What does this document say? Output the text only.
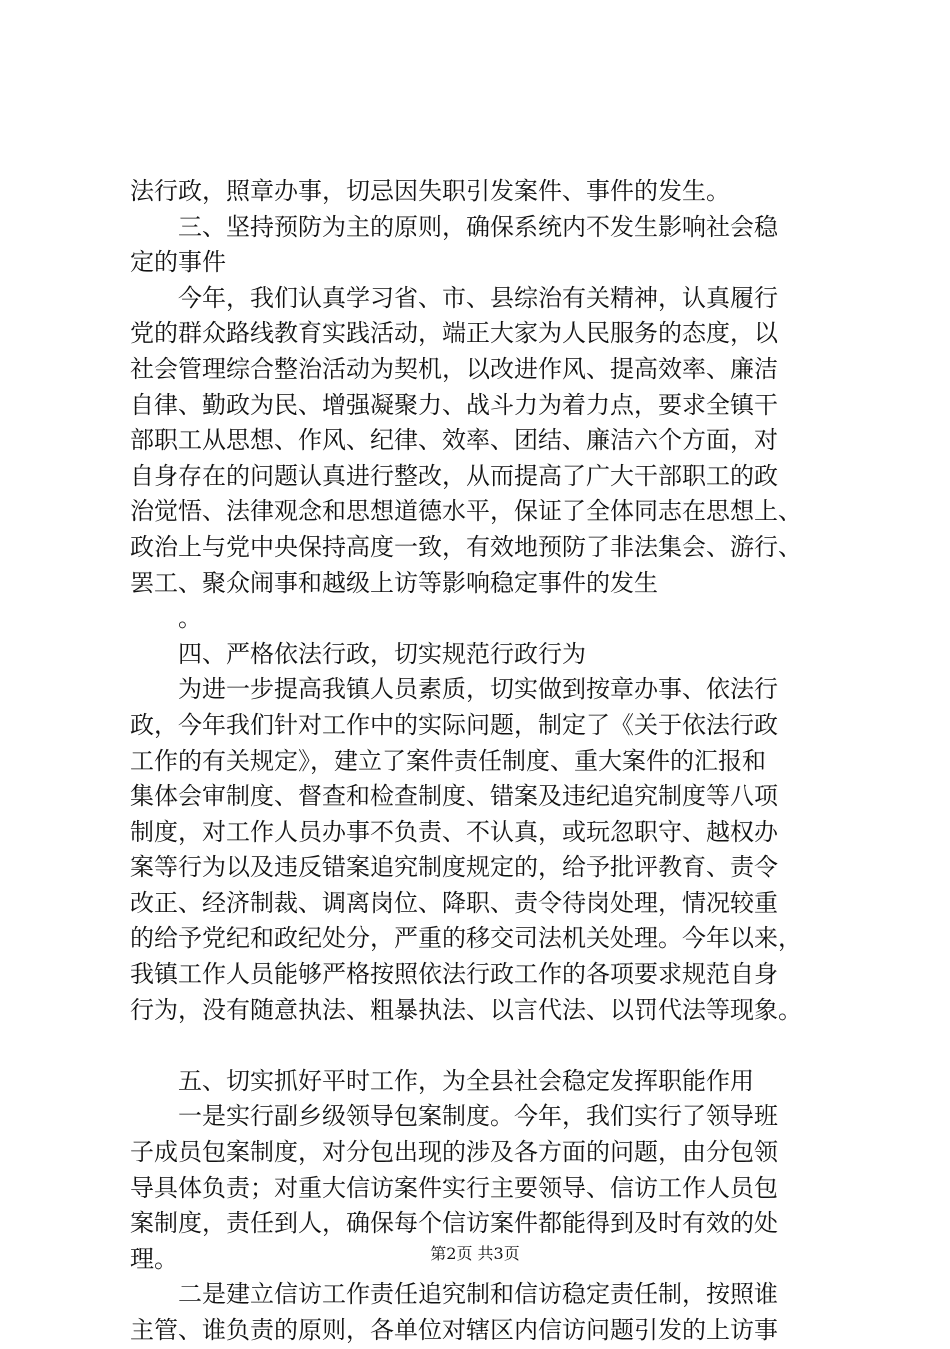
法行政，照章办事，切忌因失职引发案件、事件的发生。
三、坚持预防为主的原则，确保系统内不发生影响社会稳
定的事件
今年，我们认真学习省、市、县综治有关精神，认真履行
党的群众路线教育实践活动，端正大家为人民服务的态度，以
社会管理综合整治活动为契机，以改进作风、提高效率、廉洁
自律、勤政为民、增强凝聚力、战斗力为着力点，要求全镇干
部职工从思想、作风、纪律、效率、团结、廉洁六个方面，对
自身存在的问题认真进行整改，从而提高了广大干部职工的政
治觉悟、法律观念和思想道德水平，保证了全体同志在思想上、
政治上与党中央保持高度一致，有效地预防了非法集会、游行、
罢工、聚众闹事和越级上访等影响稳定事件的发生
。
四、严格依法行政，切实规范行政行为
为进一步提高我镇人员素质，切实做到按章办事、依法行
政，今年我们针对工作中的实际问题，制定了《关于依法行政
工作的有关规定》，建立了案件责任制度、重大案件的汇报和
集体会审制度、督查和检查制度、错案及违纪追究制度等八项
制度，对工作人员办事不负责、不认真，或玩忽职守、越权办
案等行为以及违反错案追究制度规定的，给予批评教育、责令
改正、经济制裁、调离岗位、降职、责令待岗处理，情况较重
的给予党纪和政纪处分，严重的移交司法机关处理。今年以来，
我镇工作人员能够严格按照依法行政工作的各项要求规范自身
行为，没有随意执法、粗暴执法、以言代法、以罚代法等现象。
五、切实抓好平时工作，为全县社会稳定发挥职能作用
一是实行副乡级领导包案制度。今年，我们实行了领导班
子成员包案制度，对分包出现的涉及各方面的问题，由分包领
导具体负责；对重大信访案件实行主要领导、信访工作人员包
案制度，责任到人，确保每个信访案件都能得到及时有效的处
理。
二是建立信访工作责任追究制和信访稳定责任制，按照谁
主管、谁负责的原则，各单位对辖区内信访问题引发的上访事
第2页 共3页
